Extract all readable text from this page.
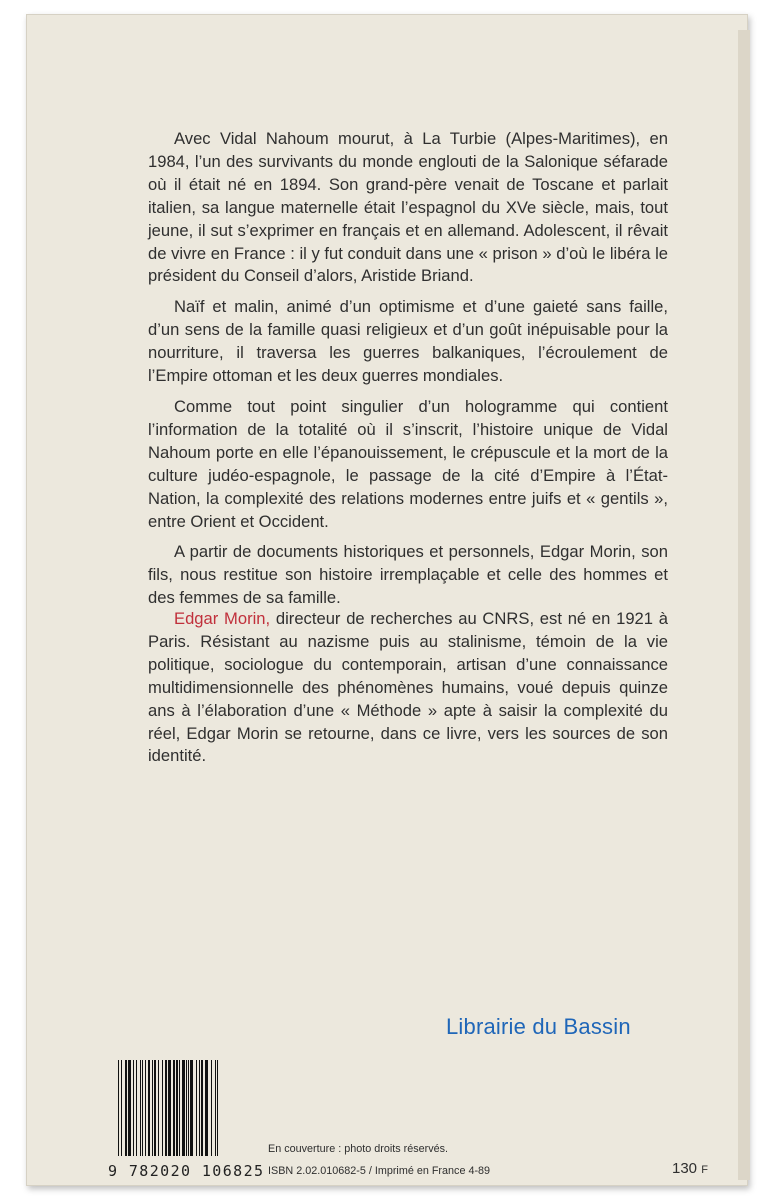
Avec Vidal Nahoum mourut, à La Turbie (Alpes-Maritimes), en 1984, l’un des survivants du monde englouti de la Salonique séfarade où il était né en 1894. Son grand-père venait de Toscane et parlait italien, sa langue maternelle était l’espagnol du XVe siècle, mais, tout jeune, il sut s’exprimer en français et en allemand. Adolescent, il rêvait de vivre en France : il y fut conduit dans une « prison » d’où le libéra le président du Conseil d’alors, Aristide Briand.

Naïf et malin, animé d’un optimisme et d’une gaieté sans faille, d’un sens de la famille quasi religieux et d’un goût inépuisable pour la nourriture, il traversa les guerres balkaniques, l’écroulement de l’Empire ottoman et les deux guerres mondiales.

Comme tout point singulier d’un hologramme qui contient l’information de la totalité où il s’inscrit, l’histoire unique de Vidal Nahoum porte en elle l’épanouissement, le crépuscule et la mort de la culture judéo-espagnole, le passage de la cité d’Empire à l’État-Nation, la complexité des relations modernes entre juifs et « gentils », entre Orient et Occident.

A partir de documents historiques et personnels, Edgar Morin, son fils, nous restitue son histoire irremplaçable et celle des hommes et des femmes de sa famille.

Edgar Morin, directeur de recherches au CNRS, est né en 1921 à Paris. Résistant au nazisme puis au stalinisme, témoin de la vie politique, sociologue du contemporain, artisan d’une connaissance multidimensionnelle des phénomènes humains, voué depuis quinze ans à l’élaboration d’une « Méthode » apte à saisir la complexité du réel, Edgar Morin se retourne, dans ce livre, vers les sources de son identité.

Librairie du Bassin
9 782020 106825
En couverture : photo droits réservés.
ISBN 2.02.010682-5 / Imprimé en France 4-89	130 F
